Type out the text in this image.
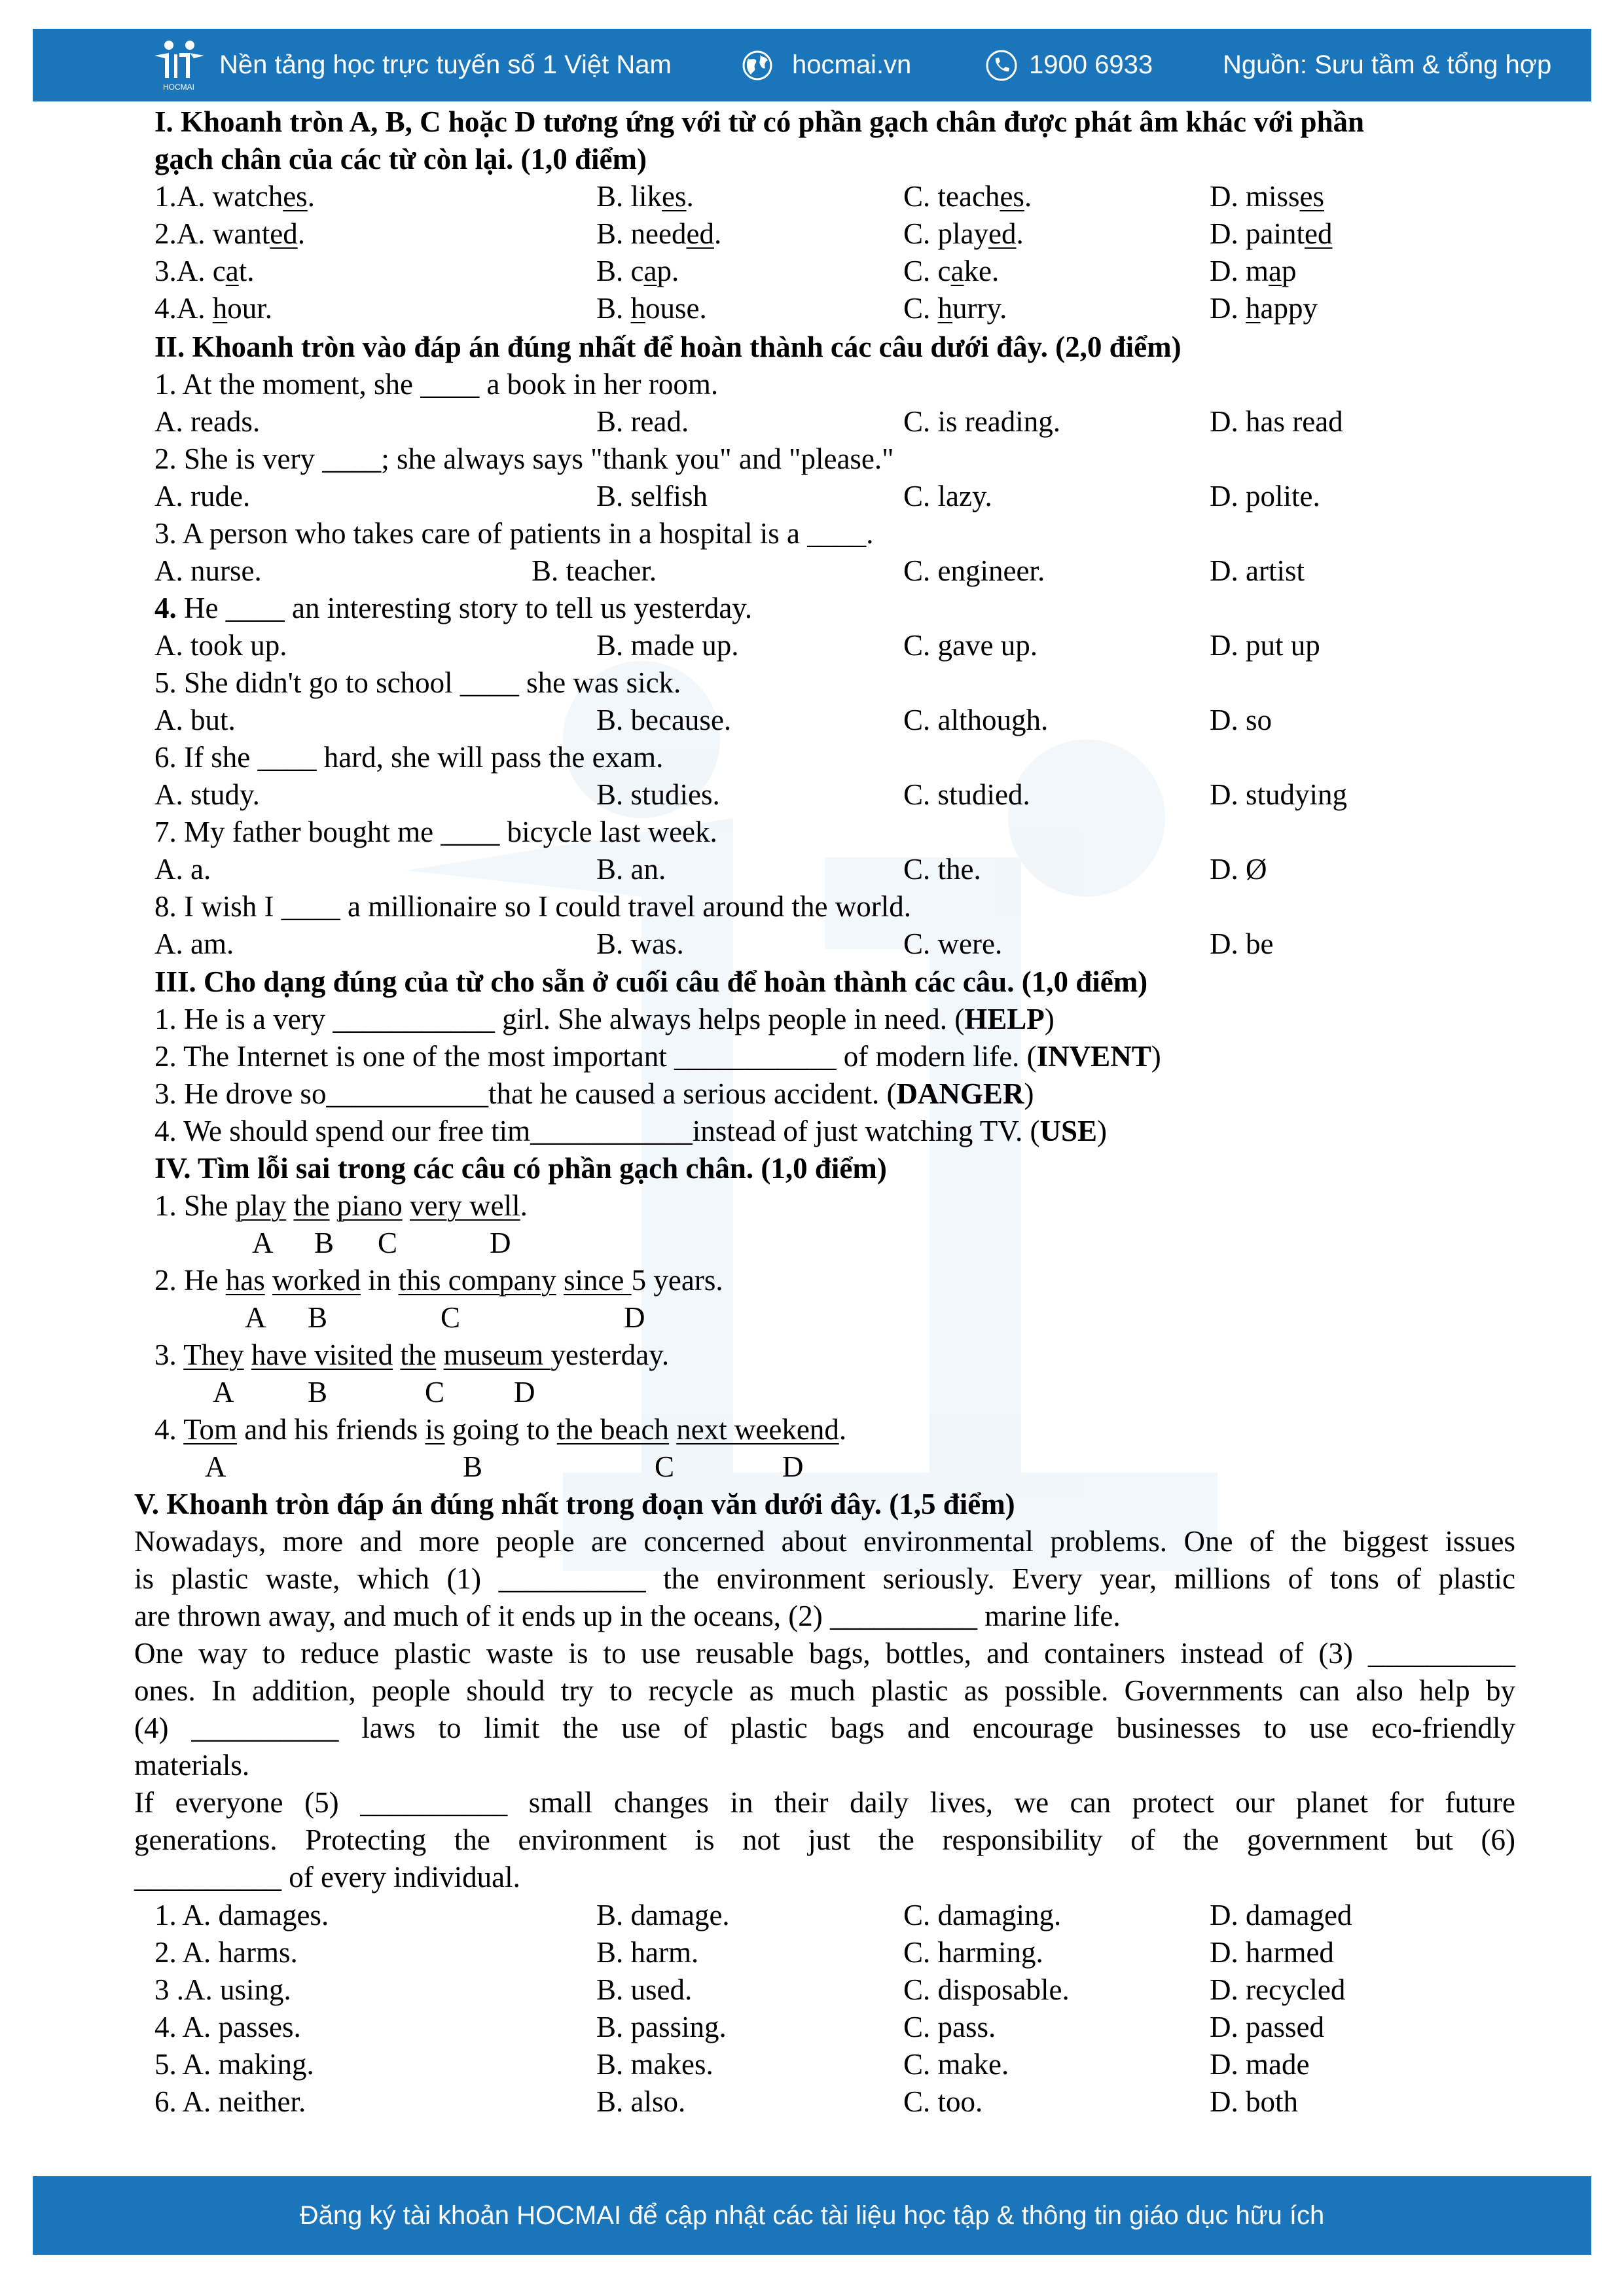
HOCMAI
Nền tảng học trực tuyến số 1 Việt Nam	hocmai.vn	1900 6933	Nguồn: Sưu tầm & tổng hợp
I. Khoanh tròn A, B, C hoặc D tương ứng với từ có phần gạch chân được phát âm khác với phần
gạch chân của các từ còn lại. (1,0 điểm)
1.A. watches.	B. likes.	C. teaches.	D. misses
2.A. wanted.	B. needed.	C. played.	D. painted
3.A. cat.	B. cap.	C. cake.	D. map
4.A. hour.	B. house.	C. hurry.	D. happy
II. Khoanh tròn vào đáp án đúng nhất để hoàn thành các câu dưới đây. (2,0 điểm)
1. At the moment, she ____ a book in her room.
A. reads.	B. read.	C. is reading.	D. has read
2. She is very ____; she always says "thank you" and "please."
A. rude.	B. selfish	C. lazy.	D. polite.
3. A person who takes care of patients in a hospital is a ____.
A. nurse.	B. teacher.	C. engineer.	D. artist
4. He ____ an interesting story to tell us yesterday.
A. took up.	B. made up.	C. gave up.	D. put up
5. She didn't go to school ____ she was sick.
A. but.	B. because.	C. although.	D. so
6. If she ____ hard, she will pass the exam.
A. study.	B. studies.	C. studied.	D. studying
7. My father bought me ____ bicycle last week.
A. a.	B. an.	C. the.	D. Ø
8. I wish I ____ a millionaire so I could travel around the world.
A. am.	B. was.	C. were.	D. be
III. Cho dạng đúng của từ cho sẵn ở cuối câu để hoàn thành các câu. (1,0 điểm)
1. He is a very ___________ girl. She always helps people in need. (HELP)
2. The Internet is one of the most important ___________ of modern life. (INVENT)
3. He drove so___________that he caused a serious accident. (DANGER)
4. We should spend our free tim___________instead of just watching TV. (USE)
IV. Tìm lỗi sai trong các câu có phần gạch chân. (1,0 điểm)
1. She play the piano very well.
A B C	D
2. He has worked in this company since 5 years.
A B	C	D
3. They have visited the museum yesterday.
A	B	C D
4. Tom and his friends is going to the beach next weekend.
A	B	C	D
V. Khoanh tròn đáp án đúng nhất trong đoạn văn dưới đây. (1,5 điểm)
Nowadays, more and more people are concerned about environmental problems. One of the biggest issues
is plastic waste, which (1) __________ the environment seriously. Every year, millions of tons of plastic
are thrown away, and much of it ends up in the oceans, (2) __________ marine life.
One way to reduce plastic waste is to use reusable bags, bottles, and containers instead of (3) __________
ones. In addition, people should try to recycle as much plastic as possible. Governments can also help by
(4) __________ laws to limit the use of plastic bags and encourage businesses to use eco-friendly
materials.
If everyone (5) __________ small changes in their daily lives, we can protect our planet for future
generations. Protecting the environment is not just the responsibility of the government but (6)
__________ of every individual.
1. A. damages.	B. damage.	C. damaging.	D. damaged
2. A. harms.	B. harm.	C. harming.	D. harmed
3 .A. using.	B. used.	C. disposable.	D. recycled
4. A. passes.	B. passing.	C. pass.	D. passed
5. A. making.	B. makes.	C. make.	D. made
6. A. neither.	B. also.	C. too.	D. both
Đăng ký tài khoản HOCMAI để cập nhật các tài liệu học tập & thông tin giáo dục hữu ích
